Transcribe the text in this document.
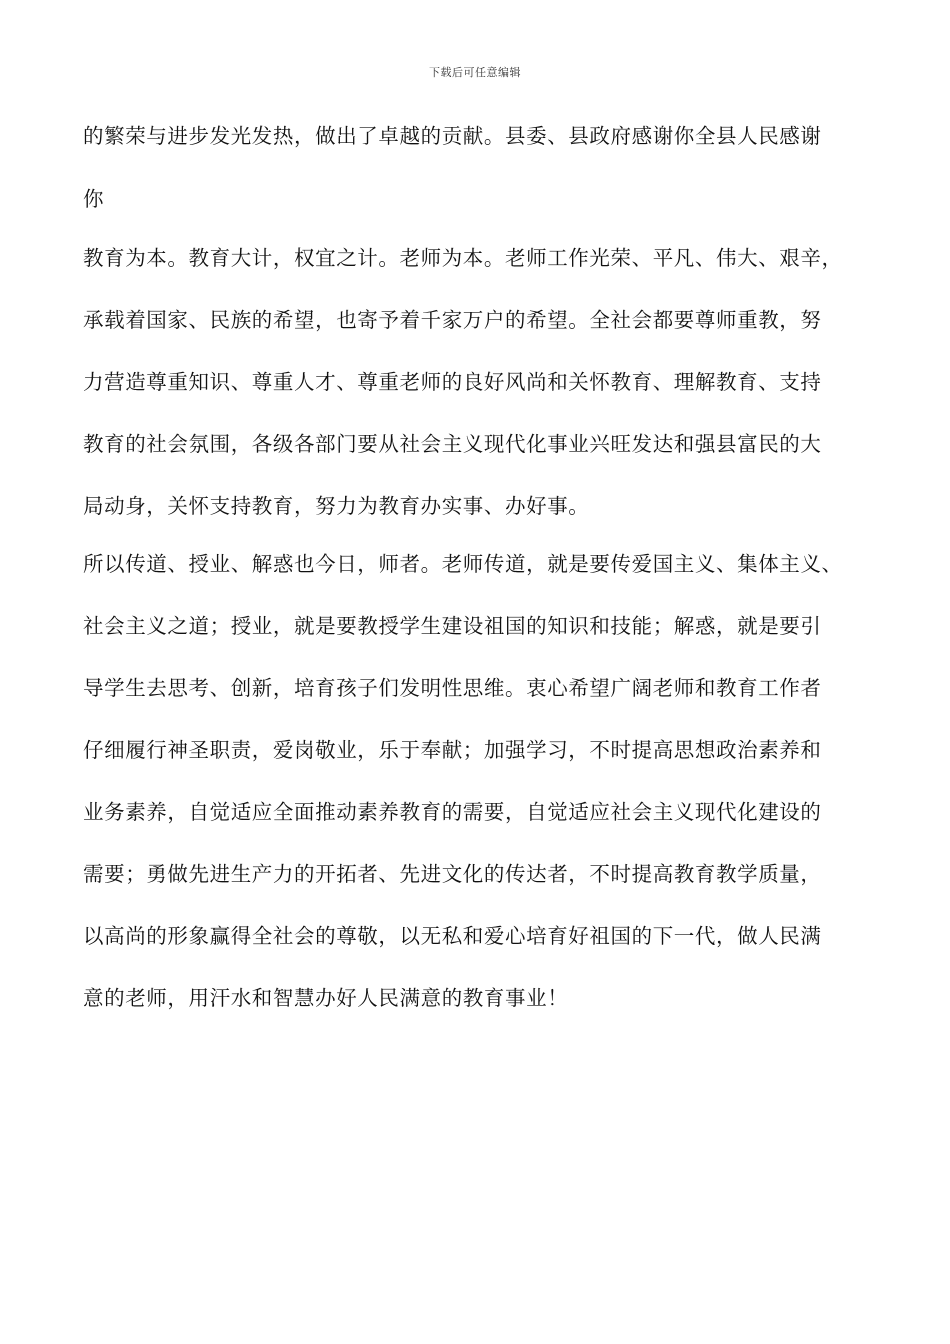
下载后可任意编辑
的繁荣与进步发光发热，做出了卓越的贡献。县委、县政府感谢你全县人民感谢
你
教育为本。教育大计，权宜之计。老师为本。老师工作光荣、平凡、伟大、艰辛，
承载着国家、民族的希望，也寄予着千家万户的希望。全社会都要尊师重教，努
力营造尊重知识、尊重人才、尊重老师的良好风尚和关怀教育、理解教育、支持
教育的社会氛围，各级各部门要从社会主义现代化事业兴旺发达和强县富民的大
局动身，关怀支持教育，努力为教育办实事、办好事。
所以传道、授业、解惑也今日，师者。老师传道，就是要传爱国主义、集体主义、
社会主义之道；授业，就是要教授学生建设祖国的知识和技能；解惑，就是要引
导学生去思考、创新，培育孩子们发明性思维。衷心希望广阔老师和教育工作者
仔细履行神圣职责，爱岗敬业，乐于奉献；加强学习，不时提高思想政治素养和
业务素养，自觉适应全面推动素养教育的需要，自觉适应社会主义现代化建设的
需要；勇做先进生产力的开拓者、先进文化的传达者，不时提高教育教学质量，
以高尚的形象赢得全社会的尊敬，以无私和爱心培育好祖国的下一代，做人民满
意的老师，用汗水和智慧办好人民满意的教育事业！
